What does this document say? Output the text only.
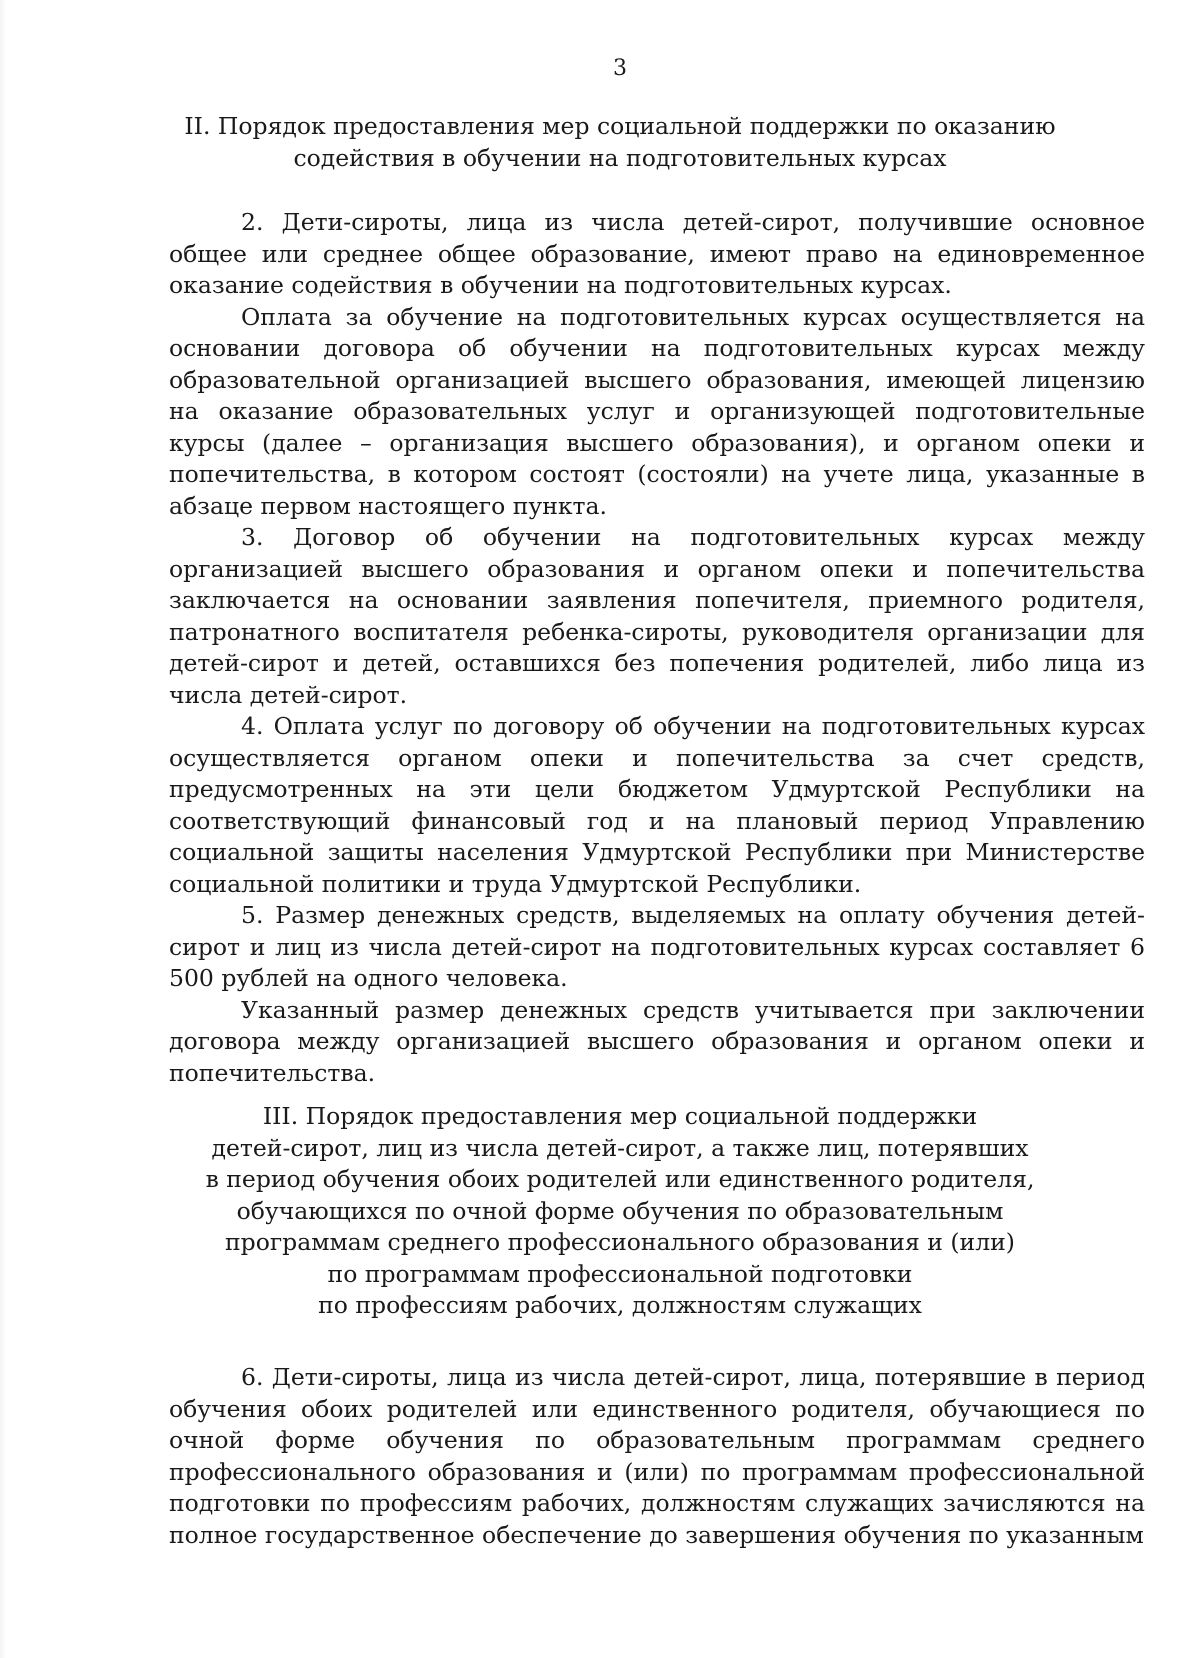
3
II. Порядок предоставления мер социальной поддержки по оказанию
содействия в обучении на подготовительных курсах

2. Дети-сироты, лица из числа детей-сирот, получившие основное общее или среднее общее образование, имеют право на единовременное оказание содействия в обучении на подготовительных курсах.

Оплата за обучение на подготовительных курсах осуществляется на основании договора об обучении на подготовительных курсах между образовательной организацией высшего образования, имеющей лицензию на оказание образовательных услуг и организующей подготовительные курсы (далее – организация высшего образования), и органом опеки и попечительства, в котором состоят (состояли) на учете лица, указанные в абзаце первом настоящего пункта.

3. Договор об обучении на подготовительных курсах между организацией высшего образования и органом опеки и попечительства заключается на основании заявления попечителя, приемного родителя, патронатного воспитателя ребенка-сироты, руководителя организации для детей-сирот и детей, оставшихся без попечения родителей, либо лица из числа детей-сирот.

4. Оплата услуг по договору об обучении на подготовительных курсах осуществляется органом опеки и попечительства за счет средств, предусмотренных на эти цели бюджетом Удмуртской Республики на соответствующий финансовый год и на плановый период Управлению социальной защиты населения Удмуртской Республики при Министерстве социальной политики и труда Удмуртской Республики.

5. Размер денежных средств, выделяемых на оплату обучения детей-сирот и лиц из числа детей-сирот на подготовительных курсах составляет 6 500 рублей на одного человека.

Указанный размер денежных средств учитывается при заключении договора между организацией высшего образования и органом опеки и попечительства.

III. Порядок предоставления мер социальной поддержки
детей-сирот, лиц из числа детей-сирот, а также лиц, потерявших
в период обучения обоих родителей или единственного родителя,
обучающихся по очной форме обучения по образовательным
программам среднего профессионального образования и (или)
по программам профессиональной подготовки
по профессиям рабочих, должностям служащих

6. Дети-сироты, лица из числа детей-сирот, лица, потерявшие в период обучения обоих родителей или единственного родителя, обучающиеся по очной форме обучения по образовательным программам среднего профессионального образования и (или) по программам профессиональной подготовки по профессиям рабочих, должностям служащих зачисляются на полное государственное обеспечение до завершения обучения по указанным
